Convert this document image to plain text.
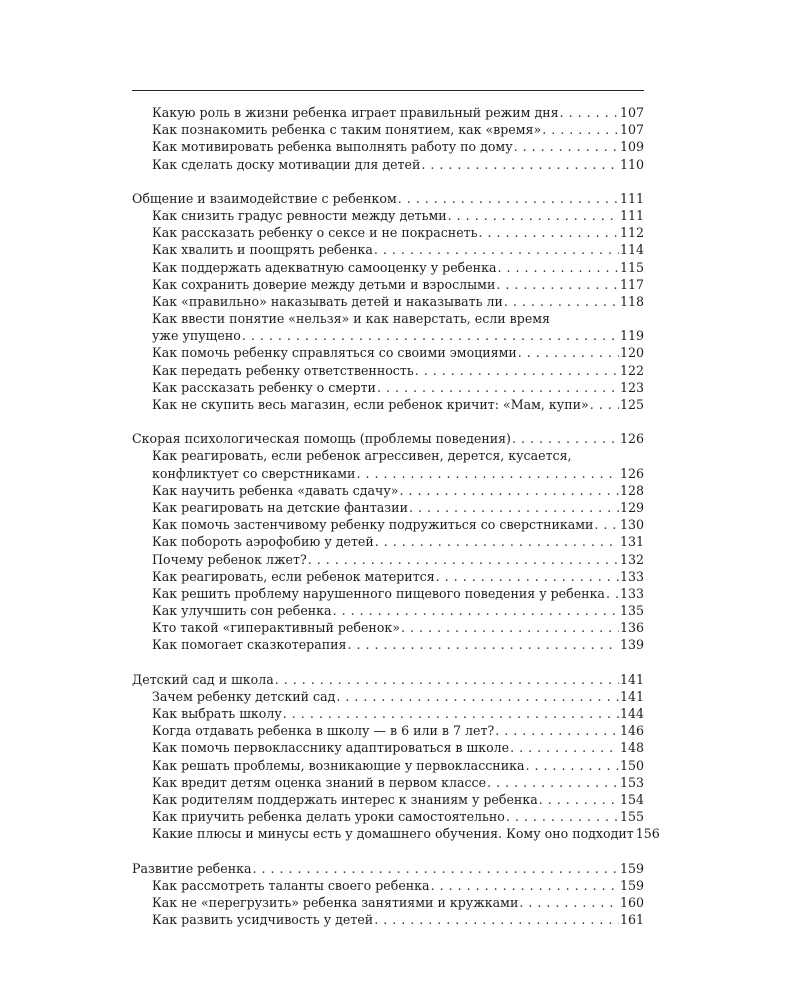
Какую роль в жизни ребенка играет правильный режим дня . . .	107
Как познакомить ребенка с таким понятием, как «время» . . .	107
Как мотивировать ребенка выполнять работу по дому . . .	109
Как сделать доску мотивации для детей . . .	110
Общение и взаимодействие с ребенком . . .	111
Как снизить градус ревности между детьми . . .	111
Как рассказать ребенку о сексе и не покраснеть . . .	112
Как хвалить и поощрять ребенка . . .	114
Как поддержать адекватную самооценку у ребенка . . .	115
Как сохранить доверие между детьми и взрослыми . . .	117
Как «правильно» наказывать детей и наказывать ли . . .	118
Как ввести понятие «нельзя» и как наверстать, если время
уже упущено . . .	119
Как помочь ребенку справляться со своими эмоциями . . .	120
Как передать ребенку ответственность . . .	122
Как рассказать ребенку о смерти . . .	123
Как не скупить весь магазин, если ребенок кричит: «Мам, купи» . . . 125
Скорая психологическая помощь (проблемы поведения) . . .	126
Как реагировать, если ребенок агрессивен, дерется, кусается,
конфликтует со сверстниками . . .	126
Как научить ребенка «давать сдачу» . . .	128
Как реагировать на детские фантазии . . .	129
Как помочь застенчивому ребенку подружиться со сверстниками . . . 130
Как побороть аэрофобию у детей . . .	131
Почему ребенок лжет? . . .	132
Как реагировать, если ребенок матерится . . .	133
Как решить проблему нарушенного пищевого поведения у ребенка . . . 133
Как улучшить сон ребенка . . .	135
Кто такой «гиперактивный ребенок» . . .	136
Как помогает сказкотерапия . . .	139
Детский сад и школа . . .	141
Зачем ребенку детский сад . . .	141
Как выбрать школу . . .	144
Когда отдавать ребенка в школу — в 6 или в 7 лет? . . .	146
Как помочь первокласснику адаптироваться в школе . . .	148
Как решать проблемы, возникающие у первоклассника . . .	150
Как вредит детям оценка знаний в первом классе . . .	153
Как родителям поддержать интерес к знаниям у ребенка . . .	154
Как приучить ребенка делать уроки самостоятельно . . .	155
Какие плюсы и минусы есть у домашнего обучения. Кому оно подходит 156
Развитие ребенка . . .	159
Как рассмотреть таланты своего ребенка . . .	159
Как не «перегрузить» ребенка занятиями и кружками . . .	160
Как развить усидчивость у детей . . .	161
